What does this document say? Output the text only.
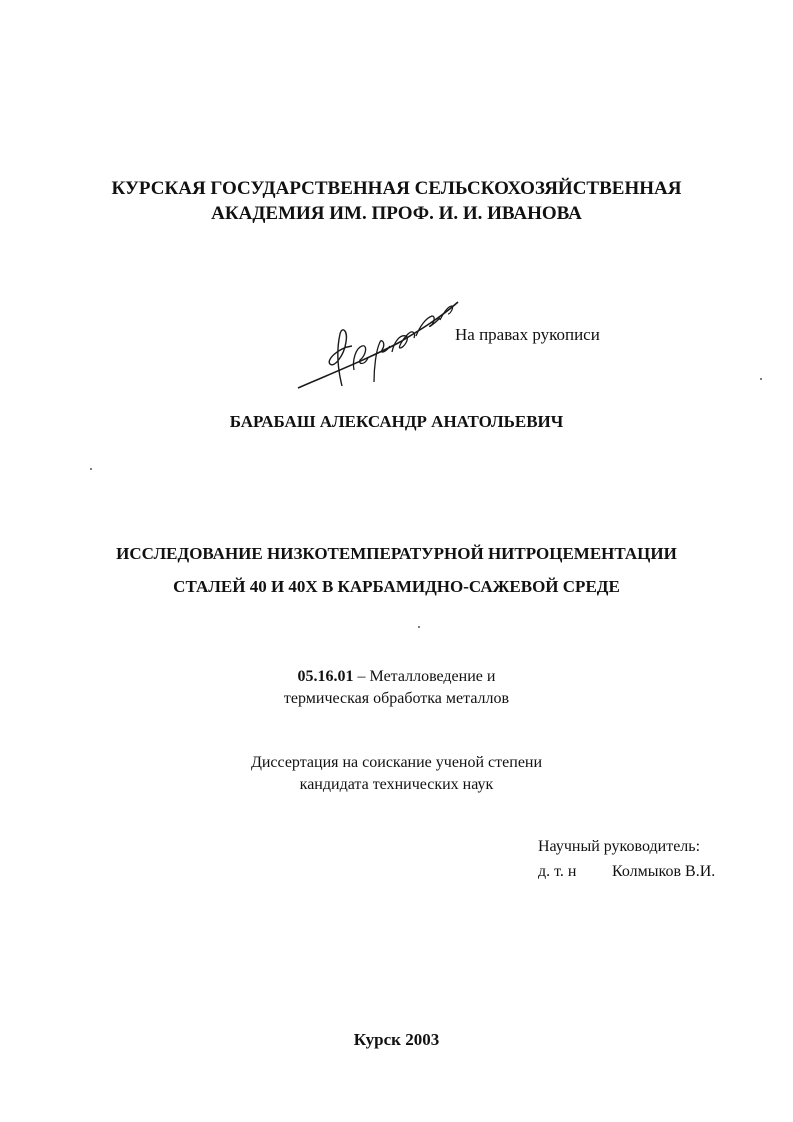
КУРСКАЯ ГОСУДАРСТВЕННАЯ СЕЛЬСКОХОЗЯЙСТВЕННАЯ
АКАДЕМИЯ ИМ. ПРОФ. И. И. ИВАНОВА
На правах рукописи
БАРАБАШ АЛЕКСАНДР АНАТОЛЬЕВИЧ
ИССЛЕДОВАНИЕ НИЗКОТЕМПЕРАТУРНОЙ НИТРОЦЕМЕНТАЦИИ
СТАЛЕЙ 40 И 40Х В КАРБАМИДНО-САЖЕВОЙ СРЕДЕ
05.16.01 – Металловедение и
термическая обработка металлов
Диссертация на соискание ученой степени
кандидата технических наук
Научный руководитель:
д. т. н Колмыков В.И.
Курск 2003
